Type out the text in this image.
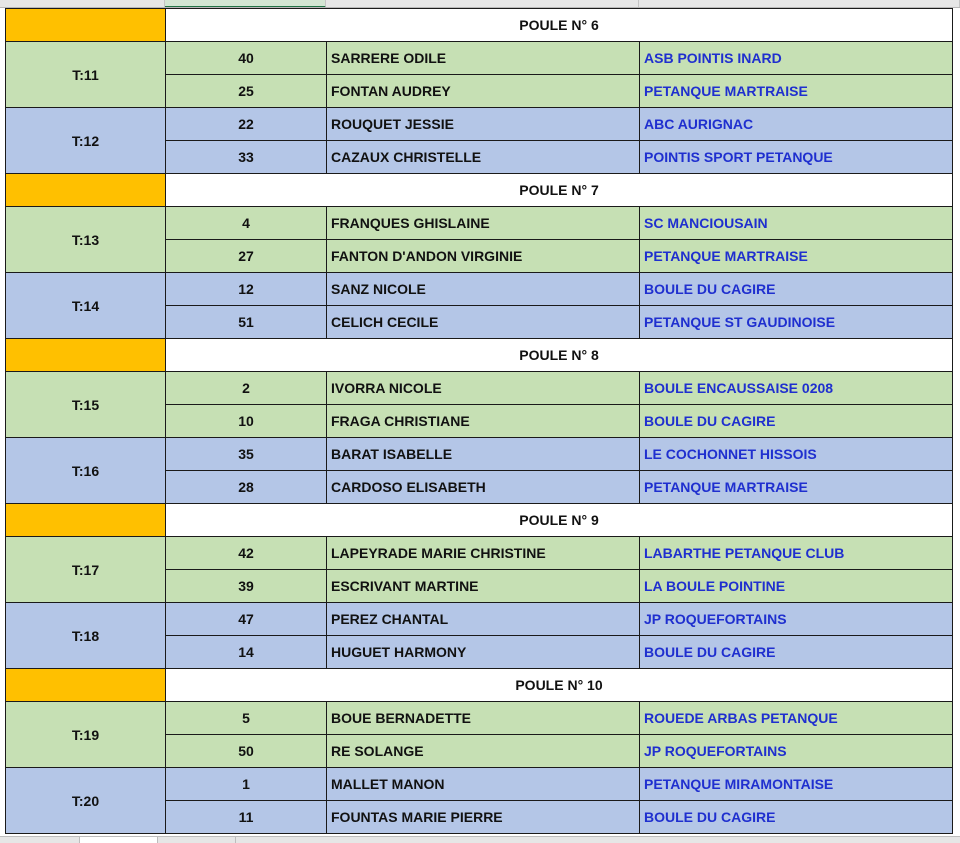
	POULE N° 6		
T:11	40	SARRERE ODILE	ASB POINTIS INARD
	25	FONTAN AUDREY	PETANQUE MARTRAISE
T:12	22	ROUQUET JESSIE	ABC AURIGNAC
	33	CAZAUX CHRISTELLE	POINTIS SPORT PETANQUE
	POULE N° 7		
T:13	4	FRANQUES GHISLAINE	SC MANCIOUSAIN
	27	FANTON D'ANDON VIRGINIE	PETANQUE MARTRAISE
T:14	12	SANZ NICOLE	BOULE DU CAGIRE
	51	CELICH CECILE	PETANQUE ST GAUDINOISE
	POULE N° 8		
T:15	2	IVORRA NICOLE	BOULE ENCAUSSAISE 0208
	10	FRAGA CHRISTIANE	BOULE DU CAGIRE
T:16	35	BARAT ISABELLE	LE COCHONNET HISSOIS
	28	CARDOSO ELISABETH	PETANQUE MARTRAISE
	POULE N° 9		
T:17	42	LAPEYRADE MARIE CHRISTINE	LABARTHE PETANQUE CLUB
	39	ESCRIVANT MARTINE	LA BOULE POINTINE
T:18	47	PEREZ CHANTAL	JP ROQUEFORTAINS
	14	HUGUET HARMONY	BOULE DU CAGIRE
	POULE N° 10		
T:19	5	BOUE BERNADETTE	ROUEDE ARBAS PETANQUE
	50	RE SOLANGE	JP ROQUEFORTAINS
T:20	1	MALLET MANON	PETANQUE MIRAMONTAISE
	11	FOUNTAS MARIE PIERRE	BOULE DU CAGIRE
